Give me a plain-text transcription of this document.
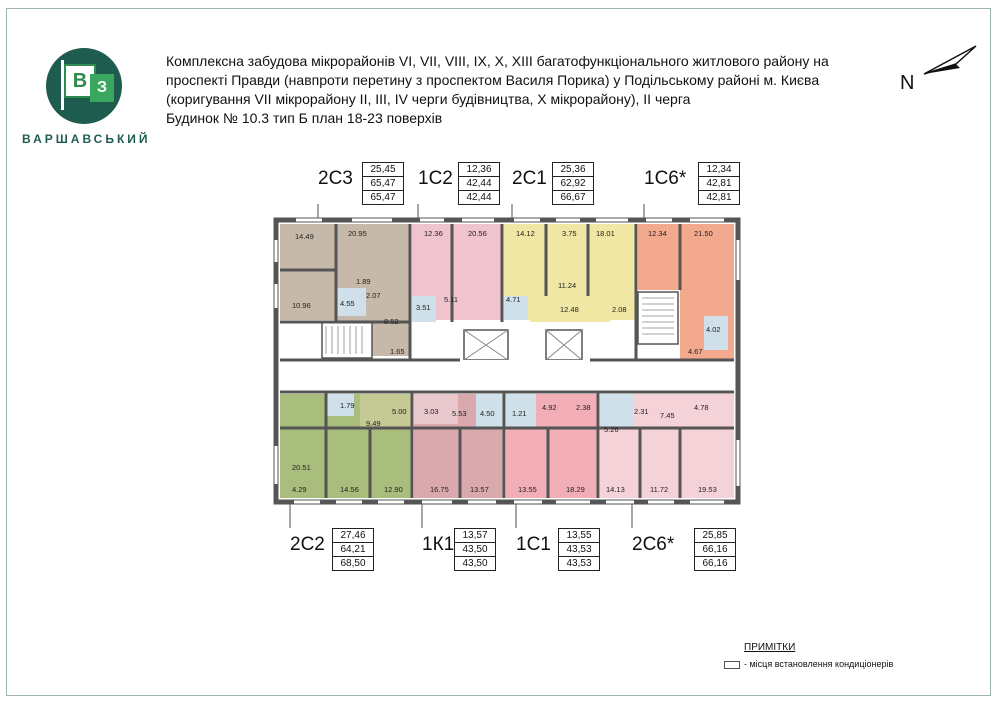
В З
ВАРШАВСЬКИЙ
Комплексна забудова мікрорайонів VI, VII, VIII, IX, X, XIII багатофункціонального житлового району на
проспекті Правди (навпроти перетину з проспектом Василя Порика) у Подільському районі м. Києва
(коригування VII мікрорайону II, III, IV черги будівництва, X мікрорайону), II черга
Будинок № 10.3 тип Б план 18-23 поверхів
N
2С3	25,45
65,47
65,47
1С2	12,36
42,44
42,44
2С1	25,36
62,92
66,67
1С6*	12,34
42,81
42,81
2С2	27,46
64,21
68,50
1К1 13,57
43,50
43,50
1С1	13,55
43,53
43,53
2С6*	25,85
66,16
66,16
14.49	20.95
1.89
10.96	4.55
2.07
8.52
1.65
12.36	20.56
5.11
3.51
14.12	3.75	18.01
11.24
4.71
12.48	2.08
12.34	21.50
4.67
4.02
20.51
4.29
9.49
14.56	12.90
1.79
3.03 5.53 4.50
16.75	13.57
5.00	1.21
4.92	2.38
13.55	18.29
5.26
2.31 7.45
4.78
14.13	11.72	19.53
ПРИМІТКИ
- місця встановлення кондиціонерів
